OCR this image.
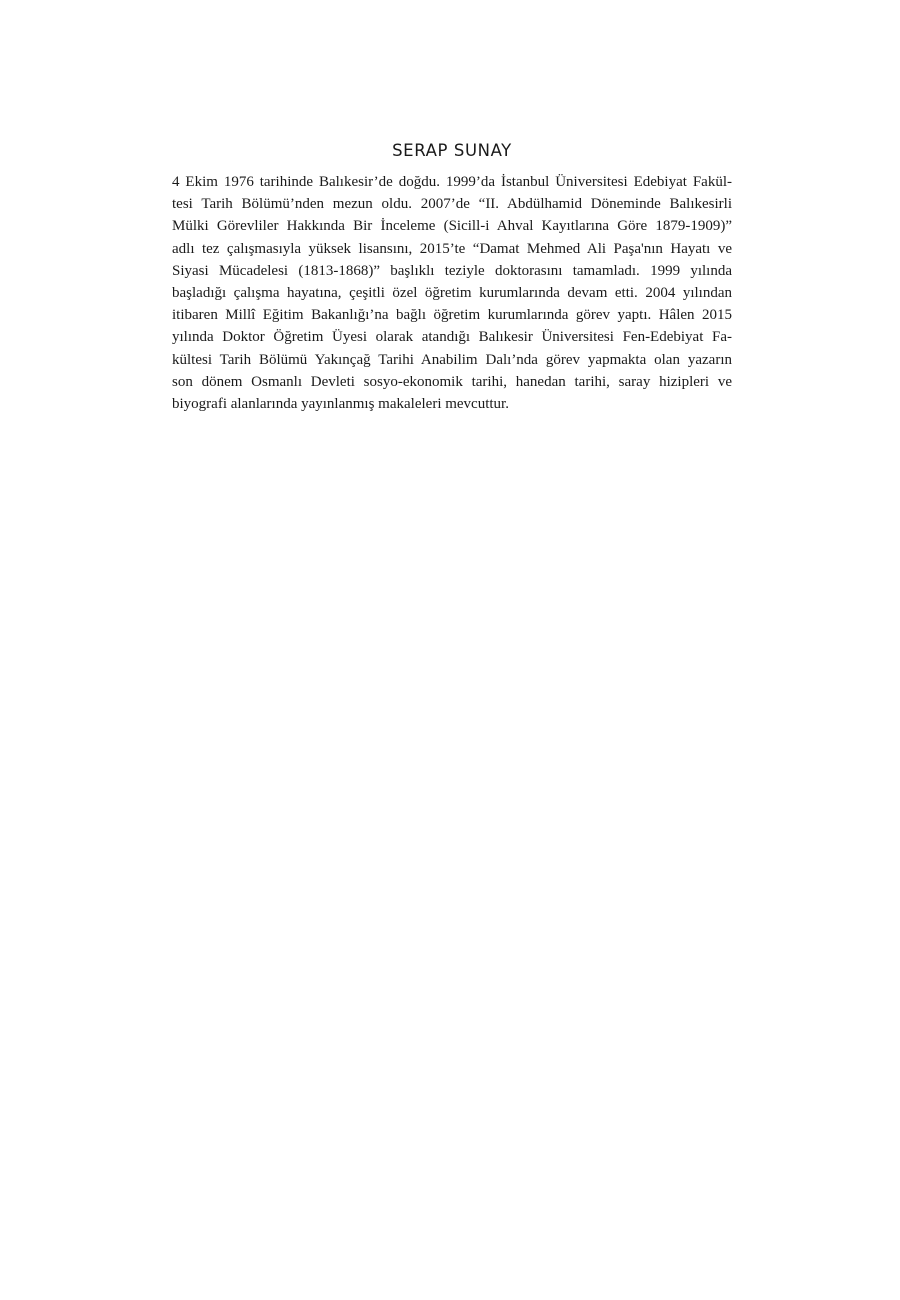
SERAP SUNAY

4 Ekim 1976 tarihinde Balıkesir’de doğdu. 1999’da İstanbul Üniversitesi Edebiyat Fakül-
tesi Tarih Bölümü’nden mezun oldu. 2007’de “II. Abdülhamid Döneminde Balıkesirli
Mülki Görevliler Hakkında Bir İnceleme (Sicill-i Ahval Kayıtlarına Göre 1879-1909)”
adlı tez çalışmasıyla yüksek lisansını, 2015’te “Damat Mehmed Ali Paşa'nın Hayatı ve
Siyasi Mücadelesi (1813-1868)” başlıklı teziyle doktorasını tamamladı. 1999 yılında
başladığı çalışma hayatına, çeşitli özel öğretim kurumlarında devam etti. 2004 yılından
itibaren Millî Eğitim Bakanlığı’na bağlı öğretim kurumlarında görev yaptı. Hâlen 2015
yılında Doktor Öğretim Üyesi olarak atandığı Balıkesir Üniversitesi Fen-Edebiyat Fa-
kültesi Tarih Bölümü Yakınçağ Tarihi Anabilim Dalı’nda görev yapmakta olan yazarın
son dönem Osmanlı Devleti sosyo-ekonomik tarihi, hanedan tarihi, saray hizipleri ve
biyografi alanlarında yayınlanmış makaleleri mevcuttur.
